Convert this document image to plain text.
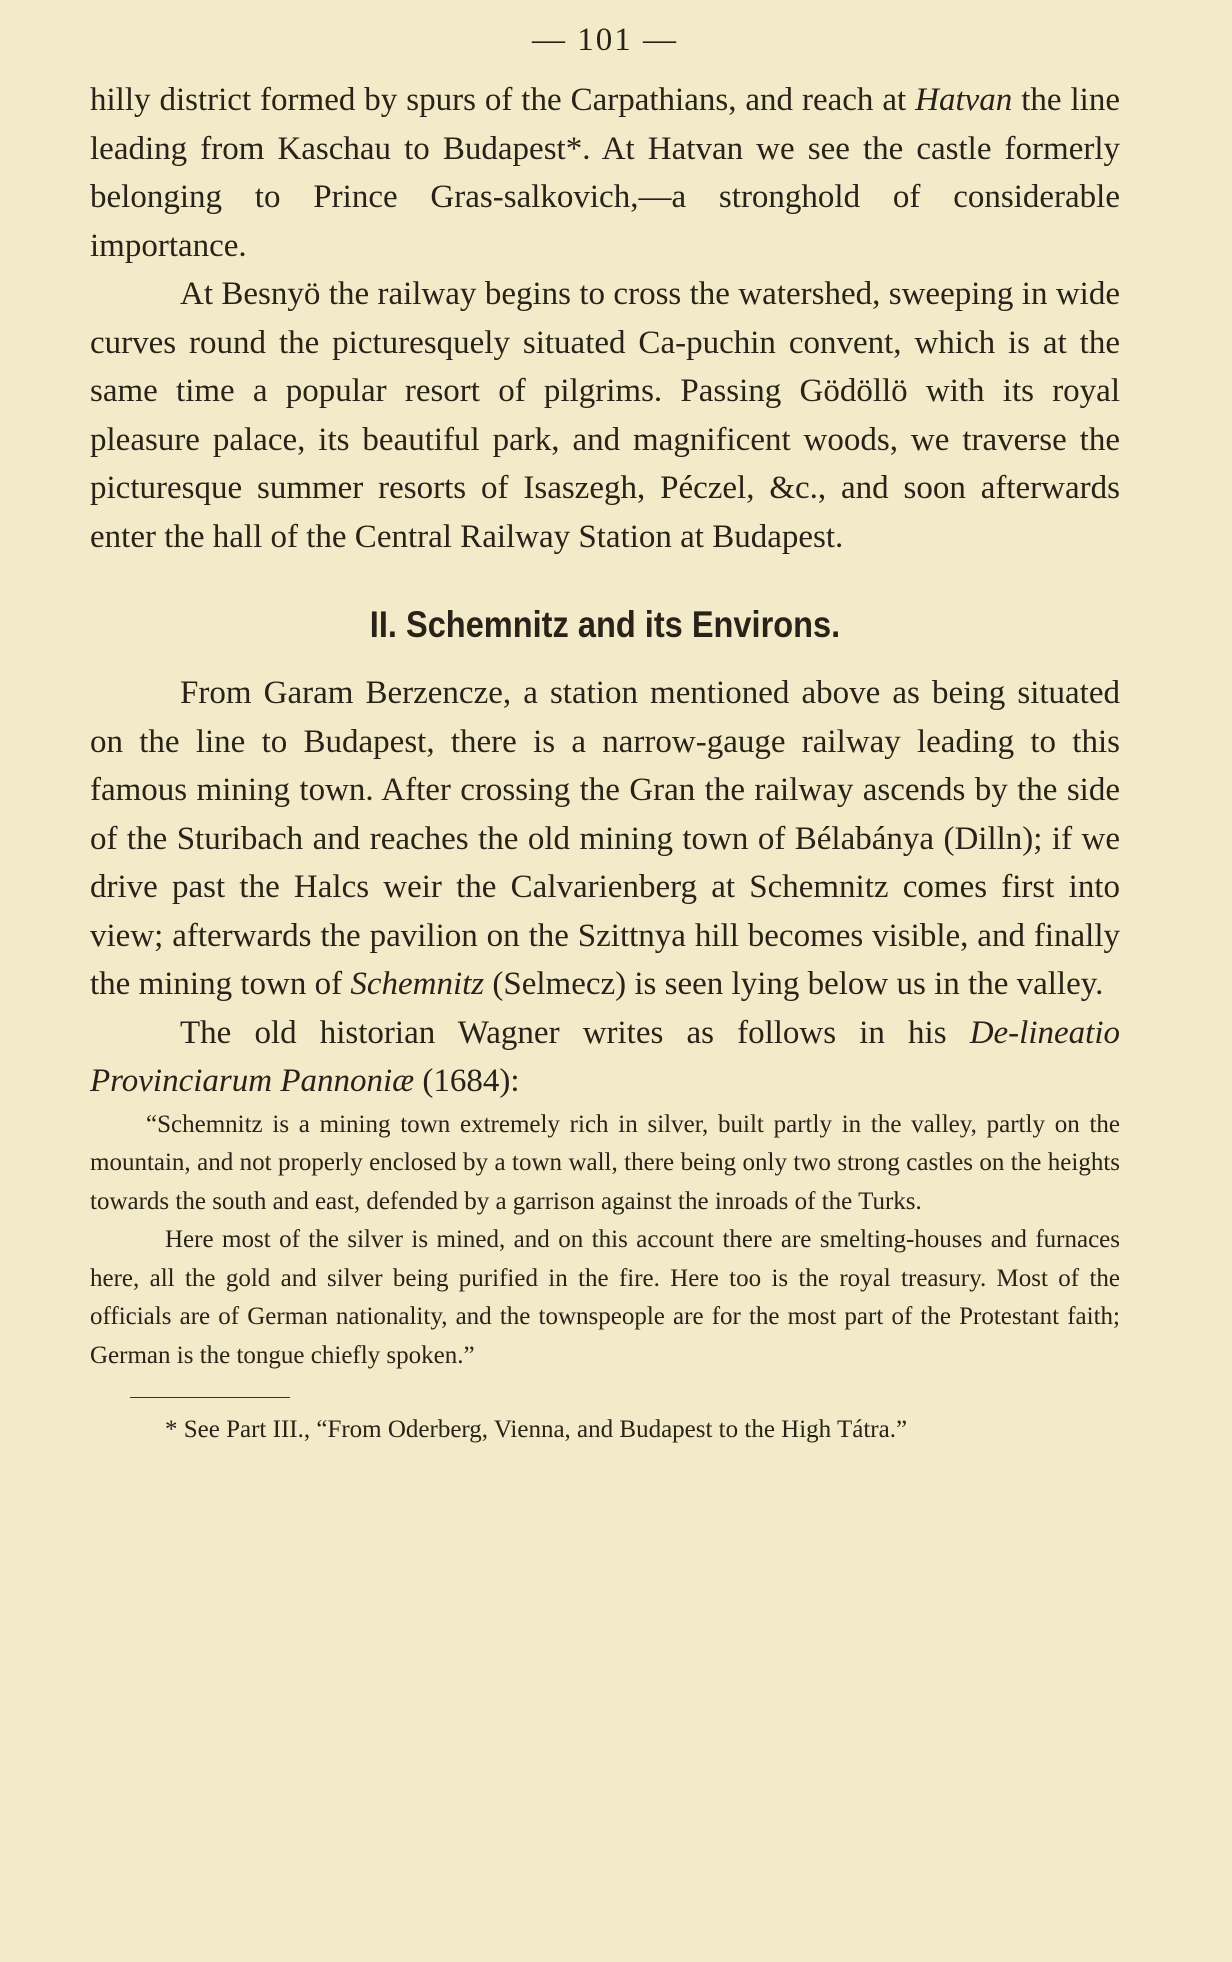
— 101 —

hilly district formed by spurs of the Carpathians, and reach at Hatvan the line leading from Kaschau to Budapest*. At Hatvan we see the castle formerly belonging to Prince Gras-salkovich,—a stronghold of considerable importance.

At Besnyö the railway begins to cross the watershed, sweeping in wide curves round the picturesquely situated Ca-puchin convent, which is at the same time a popular resort of pilgrims. Passing Gödöllö with its royal pleasure palace, its beautiful park, and magnificent woods, we traverse the picturesque summer resorts of Isaszegh, Péczel, &c., and soon afterwards enter the hall of the Central Railway Station at Budapest.

II. Schemnitz and its Environs.

From Garam Berzencze, a station mentioned above as being situated on the line to Budapest, there is a narrow-gauge railway leading to this famous mining town. After crossing the Gran the railway ascends by the side of the Sturibach and reaches the old mining town of Bélabánya (Dilln); if we drive past the Halcs weir the Calvarienberg at Schemnitz comes first into view; afterwards the pavilion on the Szittnya hill becomes visible, and finally the mining town of Schemnitz (Selmecz) is seen lying below us in the valley.

The old historian Wagner writes as follows in his De-lineatio Provinciarum Pannoniæ (1684):

“Schemnitz is a mining town extremely rich in silver, built partly in the valley, partly on the mountain, and not properly enclosed by a town wall, there being only two strong castles on the heights towards the south and east, defended by a garrison against the inroads of the Turks.

Here most of the silver is mined, and on this account there are smelting-houses and furnaces here, all the gold and silver being purified in the fire. Here too is the royal treasury. Most of the officials are of German nationality, and the townspeople are for the most part of the Protestant faith; German is the tongue chiefly spoken.”

* See Part III., “From Oderberg, Vienna, and Budapest to the High Tátra.”
